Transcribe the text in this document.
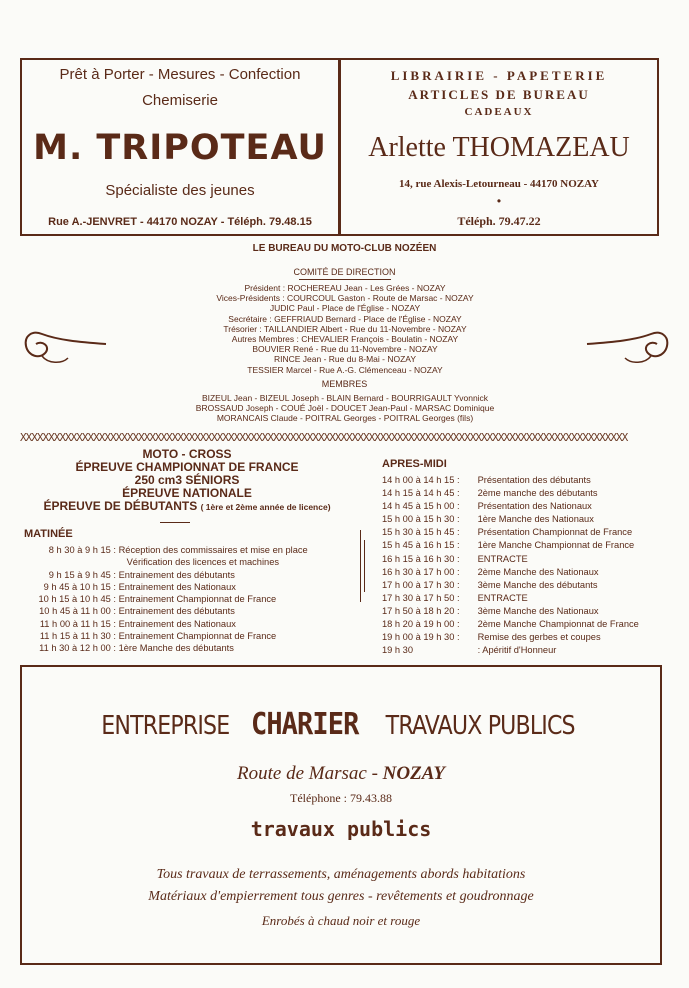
Prêt à Porter - Mesures - Confection
Chemiserie
M. TRIPOTEAU
Spécialiste des jeunes
Rue A.-JENVRET - 44170 NOZAY - Téléph. 79.48.15
LIBRAIRIE - PAPETERIE
ARTICLES DE BUREAU
CADEAUX
Arlette THOMAZEAU
14, rue Alexis-Letourneau - 44170 NOZAY
•
Téléph. 79.47.22
LE BUREAU DU MOTO-CLUB NOZÉEN
COMITÉ DE DIRECTION
Président : ROCHEREAU Jean - Les Grées - NOZAY
Vices-Présidents : COURCOUL Gaston - Route de Marsac - NOZAY
JUDIC Paul - Place de l'Église - NOZAY
Secrétaire : GEFFRIAUD Bernard - Place de l'Église - NOZAY
Trésorier : TAILLANDIER Albert - Rue du 11-Novembre - NOZAY
Autres Membres : CHEVALIER François - Boulatin - NOZAY
BOUVIER René - Rue du 11-Novembre - NOZAY
RINCE Jean - Rue du 8-Mai - NOZAY
TESSIER Marcel - Rue A.-G. Clémenceau - NOZAY
MEMBRES
BIZEUL Jean - BIZEUL Joseph - BLAIN Bernard - BOURRIGAULT Yvonnick
BROSSAUD Joseph - COUÉ Joël - DOUCET Jean-Paul - MARSAC Dominique
MORANCAIS Claude - POITRAL Georges - POITRAL Georges (fils)
XXXXXXXXXXXXXXXXXXXXXXXXXXXXXXXXXXXXXXXXXXXXXXXXXXXXXXXXXXXXXXXXXXXXXXXXXXXXXXXXXXXXXXXXXXXXXXXXXXXXXXXXXXXX
MOTO - CROSS
ÉPREUVE CHAMPIONNAT DE FRANCE
250 cm3 SÉNIORS
ÉPREUVE NATIONALE
ÉPREUVE DE DÉBUTANTS ( 1ère et 2ème année de licence)
MATINÉE
8 h 30 à 9 h 15 : Réception des commissaires et mise en place
Vérification des licences et machines
9 h 15 à 9 h 45 : Entrainement des débutants
9 h 45 à 10 h 15 : Entrainement des Nationaux
10 h 15 à 10 h 45 : Entrainement Championnat de France
10 h 45 à 11 h 00 : Entrainement des débutants
11 h 00 à 11 h 15 : Entrainement des Nationaux
11 h 15 à 11 h 30 : Entrainement Championnat de France
11 h 30 à 12 h 00 : 1ère Manche des débutants
APRES-MIDI
14 h 00 à 14 h 15 : Présentation des débutants
14 h 15 à 14 h 45 : 2ème manche des débutants
14 h 45 à 15 h 00 : Présentation des Nationaux
15 h 00 à 15 h 30 : 1ère Manche des Nationaux
15 h 30 à 15 h 45 : Présentation Championnat de France
15 h 45 à 16 h 15 : 1ère Manche Championnat de France
16 h 15 à 16 h 30 : ENTRACTE
16 h 30 à 17 h 00 : 2ème Manche des Nationaux
17 h 00 à 17 h 30 : 3ème Manche des débutants
17 h 30 à 17 h 50 : ENTRACTE
17 h 50 à 18 h 20 : 3ème Manche des Nationaux
18 h 20 à 19 h 00 : 2ème Manche Championnat de France
19 h 00 à 19 h 30 : Remise des gerbes et coupes
19 h 30	: Apéritif d'Honneur
ENTREPRISE CHARIER TRAVAUX PUBLICS
Route de Marsac - NOZAY
Téléphone : 79.43.88
travaux publics
Tous travaux de terrassements, aménagements abords habitations
Matériaux d'empierrement tous genres - revêtements et goudronnage
Enrobés à chaud noir et rouge
